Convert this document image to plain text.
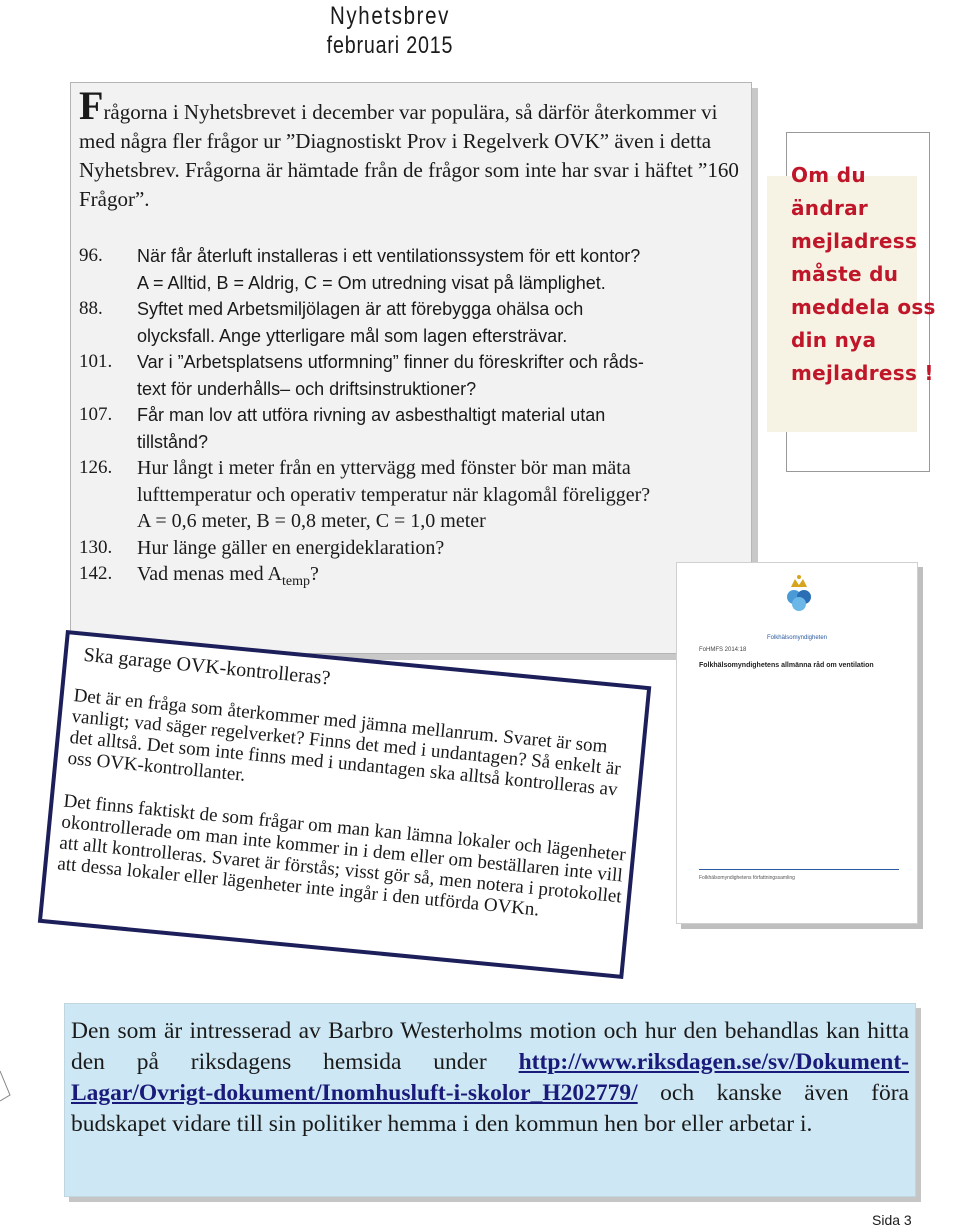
Nyhetsbrev
februari 2015
Frågorna i Nyhetsbrevet i december var populära, så därför återkommer vi med några fler frågor ur ”Diagnostiskt Prov i Regelverk OVK” även i detta Nyhetsbrev. Frågorna är hämtade från de frågor som inte har svar i häftet ”160 Frågor”.
96. När får återluft installeras i ett ventilationssystem för ett kontor?
A = Alltid, B = Aldrig, C = Om utredning visat på lämplighet.
88. Syftet med Arbetsmiljölagen är att förebygga ohälsa och
olycksfall. Ange ytterligare mål som lagen eftersträvar.
101. Var i ”Arbetsplatsens utformning” finner du föreskrifter och råds-
text för underhålls– och driftsinstruktioner?
107. Får man lov att utföra rivning av asbesthaltigt material utan
tillstånd?
126. Hur långt i meter från en yttervägg med fönster bör man mäta
lufttemperatur och operativ temperatur när klagomål föreligger?
A = 0,6 meter, B = 0,8 meter, C = 1,0 meter
130. Hur länge gäller en energideklaration?
142. Vad menas med $A_{temp}$?
Om du
ändrar
mejladress
måste du
meddela oss
din nya
mejladress !
Folkhälsomyndigheten
FoHMFS 2014:18
Folkhälsomyndighetens allmänna råd om ventilation
Folkhälsomyndighetens författningssamling
Ska garage OVK-kontrolleras?
Det är en fråga som återkommer med jämna mellanrum. Svaret är som vanligt; vad säger regelverket? Finns det med i undantagen? Så enkelt är det alltså. Det som inte finns med i undantagen ska alltså kontrolleras av oss OVK-kontrollanter.
Det finns faktiskt de som frågar om man kan lämna lokaler och lägenheter okontrollerade om man inte kommer in i dem eller om beställaren inte vill att allt kontrolleras. Svaret är förstås; visst gör så, men notera i protokollet att dessa lokaler eller lägenheter inte ingår i den utförda OVKn.
Den som är intresserad av Barbro Westerholms motion och hur den behandlas kan hitta den på riksdagens hemsida under http://www.riksdagen.se/sv/Dokument-Lagar/Ovrigt-dokument/Inomhusluft-i-skolor_H202779/ och kanske även föra budskapet vidare till sin politiker hemma i den kommun hen bor eller arbetar i.
Sida 3
